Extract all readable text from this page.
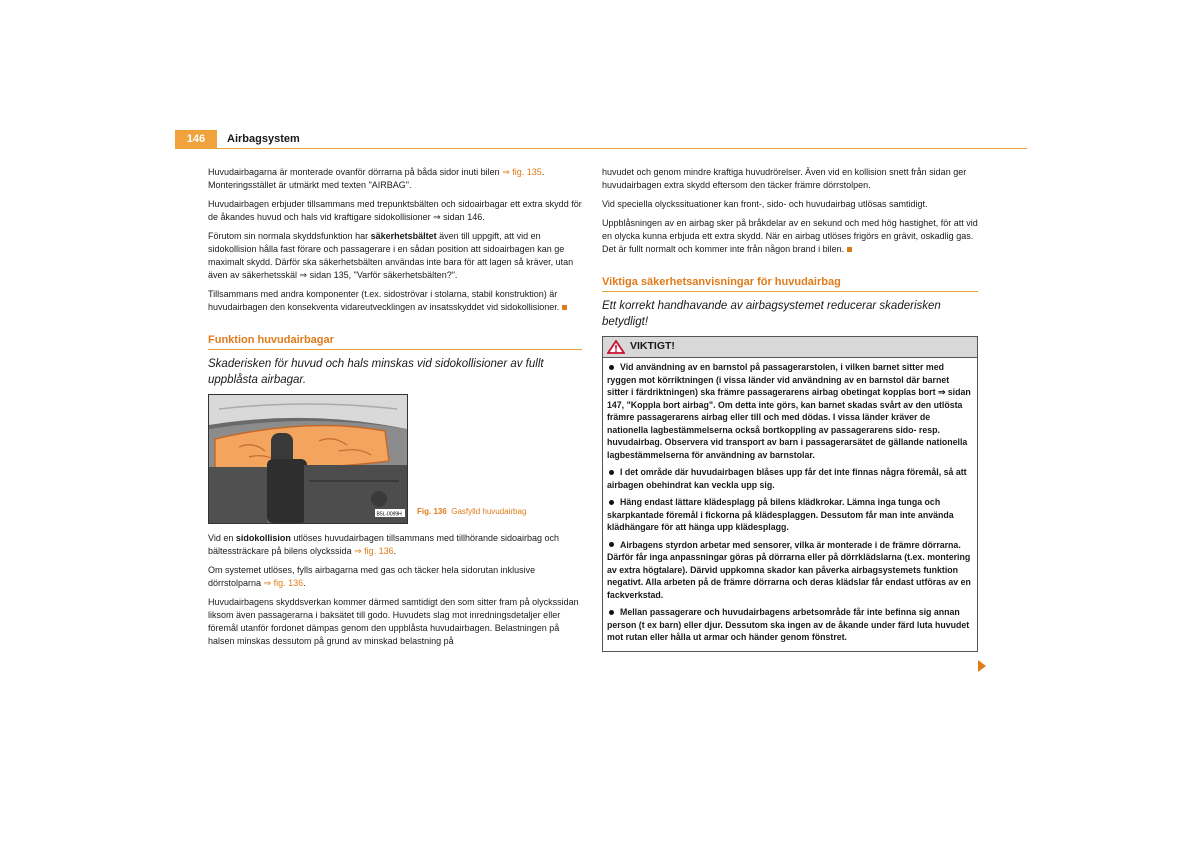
146	Airbagsystem

Huvudairbagarna är monterade ovanför dörrarna på båda sidor inuti bilen ⇒ fig. 135. Monteringsstället är utmärkt med texten "AIRBAG".

Huvudairbagen erbjuder tillsammans med trepunktsbälten och sidoairbagar ett extra skydd för de åkandes huvud och hals vid kraftigare sidokollisioner ⇒ sidan 146.

Förutom sin normala skyddsfunktion har säkerhetsbältet även till uppgift, att vid en sidokollision hålla fast förare och passagerare i en sådan position att sidoairbagen kan ge maximalt skydd. Därför ska säkerhetsbälten användas inte bara för att lagen så kräver, utan även av säkerhetsskäl ⇒ sidan 135, "Varför säkerhetsbälten?".

Tillsammans med andra komponenter (t.ex. sidoströvar i stolarna, stabil konstruktion) är huvudairbagen den konsekventa vidareutvecklingen av insatsskyddet vid sidokollisioner.

Funktion huvudairbagar

Skaderisken för huvud och hals minskas vid sidokollisioner av fullt uppblåsta airbagar.

B5L-0099H Fig. 136 Gasfylld huvudairbag

Vid en sidokollision utlöses huvudairbagen tillsammans med tillhörande sidoairbag och bältessträckare på bilens olyckssida ⇒ fig. 136.

Om systemet utlöses, fylls airbagarna med gas och täcker hela sidorutan inklusive dörrstolparna ⇒ fig. 136.

Huvudairbagens skyddsverkan kommer därmed samtidigt den som sitter fram på olyckssidan liksom även passagerarna i baksätet till godo. Huvudets slag mot inredningsdetaljer eller föremål utanför fordonet dämpas genom den uppblåsta huvudairbagen. Belastningen på halsen minskas dessutom på grund av minskad belastning på

huvudet och genom mindre kraftiga huvudrörelser. Även vid en kollision snett från sidan ger huvudairbagen extra skydd eftersom den täcker främre dörrstolpen.

Vid speciella olyckssituationer kan front-, sido- och huvudairbag utlösas samtidigt.

Uppblåsningen av en airbag sker på bråkdelar av en sekund och med hög hastighet, för att vid en olycka kunna erbjuda ett extra skydd. När en airbag utlöses frigörs en grävit, oskadlig gas. Det är fullt normalt och kommer inte från någon brand i bilen.

Viktiga säkerhetsanvisningar för huvudairbag

Ett korrekt handhavande av airbagsystemet reducerar skaderisken betydligt!

VIKTIGT!

Vid användning av en barnstol på passagerarstolen, i vilken barnet sitter med ryggen mot körriktningen (i vissa länder vid användning av en barnstol där barnet sitter i färdriktningen) ska främre passagerarens airbag obetingat kopplas bort ⇒ sidan 147, "Koppla bort airbag". Om detta inte görs, kan barnet skadas svårt av den utlösta främre passagerarens airbag eller till och med dödas. I vissa länder kräver de nationella lagbestämmelserna också bortkoppling av passagerarens sido- resp. huvudairbag. Observera vid transport av barn i passagerarsätet de gällande nationella lagbestämmelserna för användning av barnstolar.

I det område där huvudairbagen blåses upp får det inte finnas några föremål, så att airbagen obehindrat kan veckla upp sig.

Häng endast lättare klädesplagg på bilens klädkrokar. Lämna inga tunga och skarpkantade föremål i fickorna på klädesplaggen. Dessutom får man inte använda klädhängare för att hänga upp klädesplagg.

Airbagens styrdon arbetar med sensorer, vilka är monterade i de främre dörrarna. Därför får inga anpassningar göras på dörrarna eller på dörrklädslarna (t.ex. montering av extra högtalare). Därvid uppkomna skador kan påverka airbagsystemets funktion negativt. Alla arbeten på de främre dörrarna och deras klädslar får endast utföras av en fackverkstad.

Mellan passagerare och huvudairbagens arbetsområde får inte befinna sig annan person (t ex barn) eller djur. Dessutom ska ingen av de åkande under färd luta huvudet mot rutan eller hålla ut armar och händer genom fönstret.
